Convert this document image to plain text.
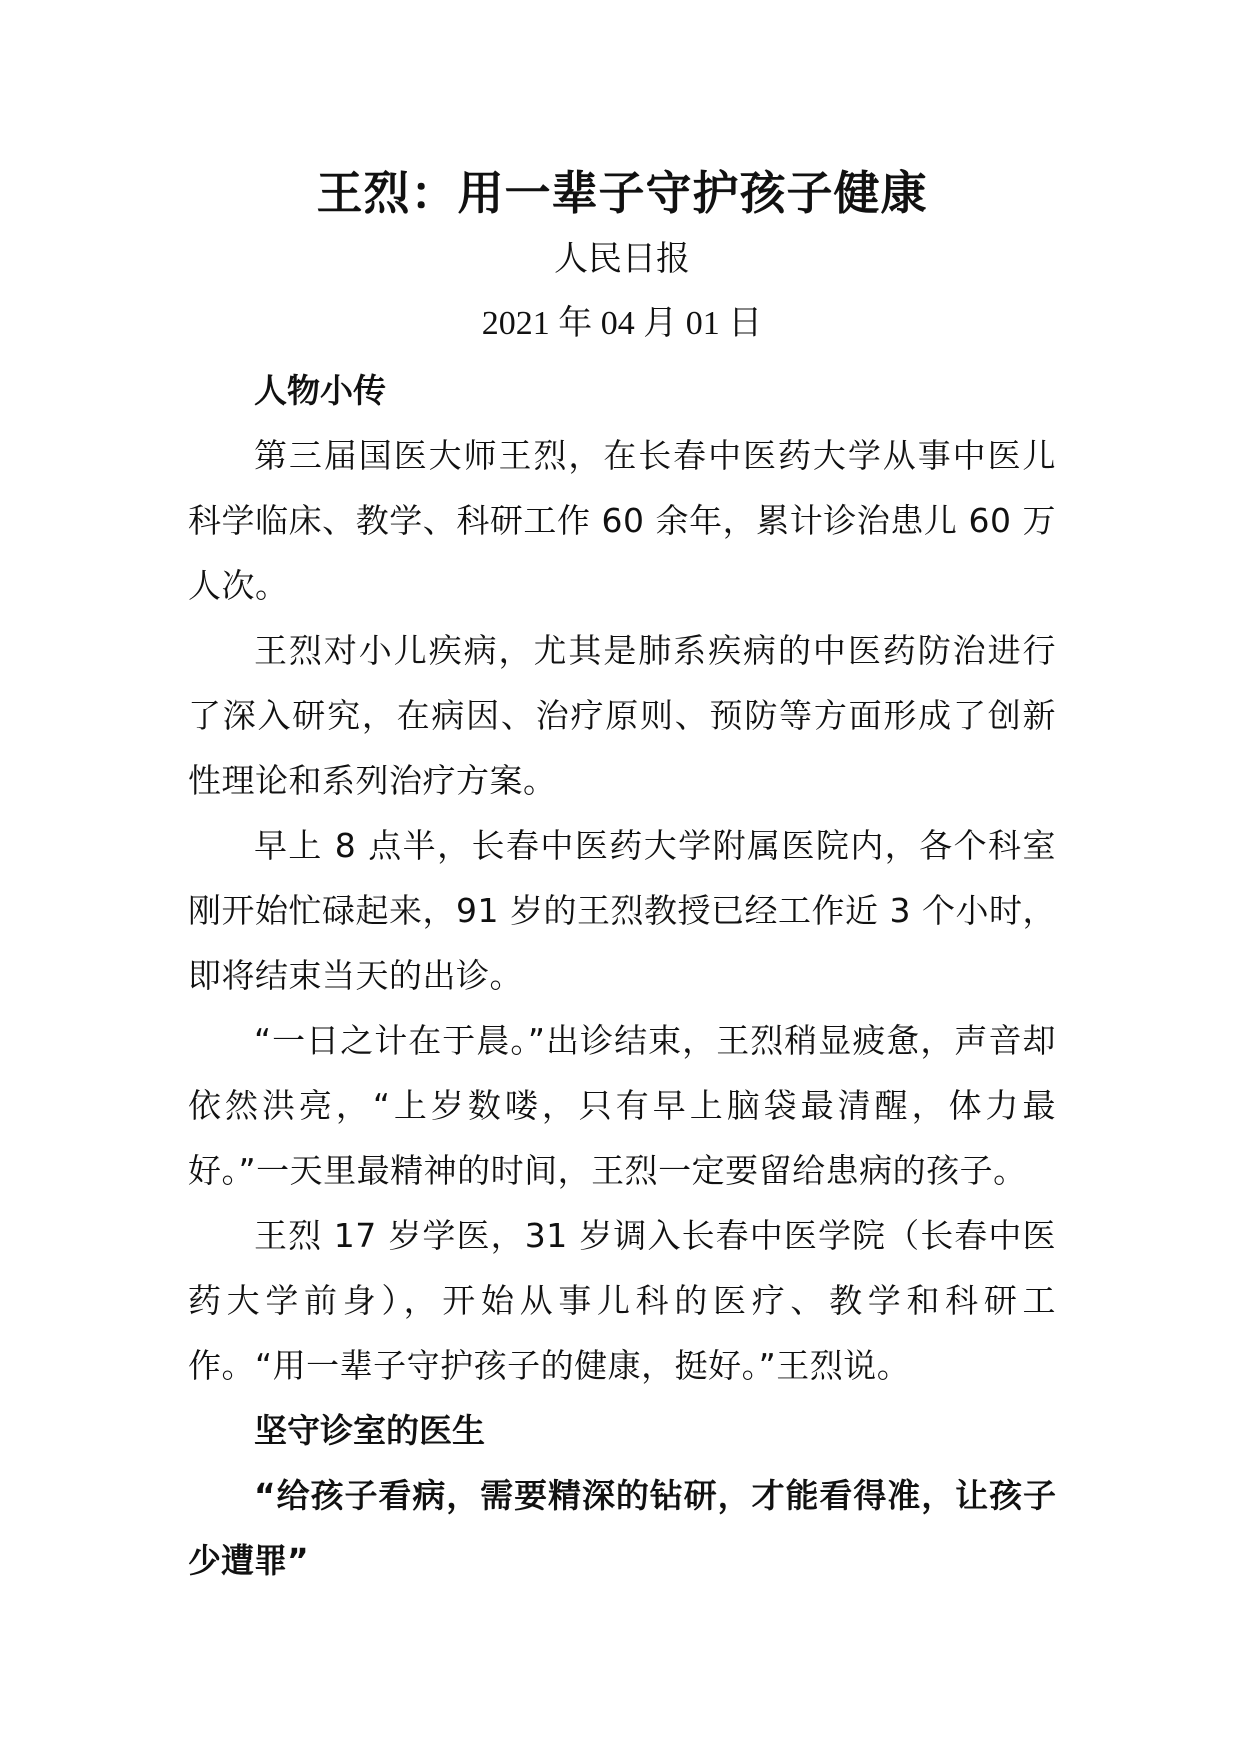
王烈：用一辈子守护孩子健康
人民日报
2021 年 04 月 01 日

人物小传

第三届国医大师王烈，在长春中医药大学从事中医儿科学临床、教学、科研工作 60 余年，累计诊治患儿 60 万人次。

王烈对小儿疾病，尤其是肺系疾病的中医药防治进行了深入研究，在病因、治疗原则、预防等方面形成了创新性理论和系列治疗方案。

早上 8 点半，长春中医药大学附属医院内，各个科室刚开始忙碌起来，91 岁的王烈教授已经工作近 3 个小时，即将结束当天的出诊。

“一日之计在于晨。”出诊结束，王烈稍显疲惫，声音却依然洪亮，“上岁数喽，只有早上脑袋最清醒，体力最好。”一天里最精神的时间，王烈一定要留给患病的孩子。

王烈 17 岁学医，31 岁调入长春中医学院（长春中医药大学前身），开始从事儿科的医疗、教学和科研工作。“用一辈子守护孩子的健康，挺好。”王烈说。

坚守诊室的医生

“给孩子看病，需要精深的钻研，才能看得准，让孩子少遭罪”
